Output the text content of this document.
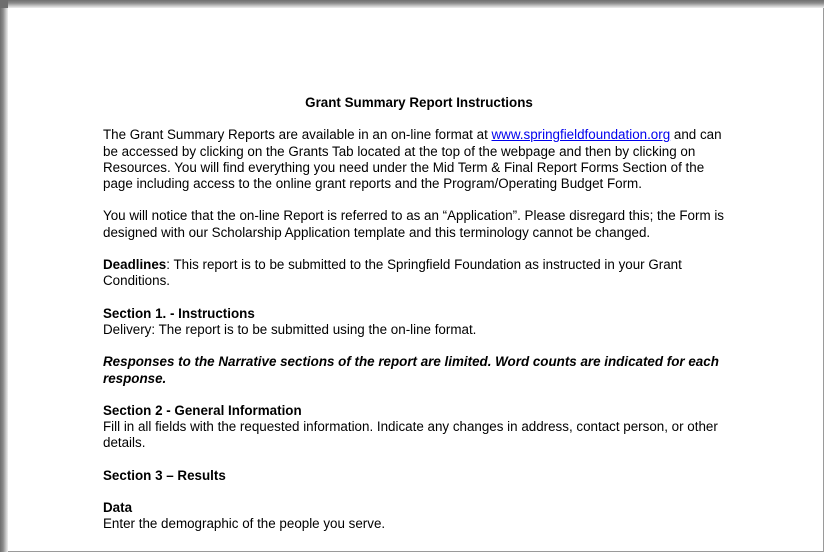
Grant Summary Report Instructions

The Grant Summary Reports are available in an on-line format at www.springfieldfoundation.org and can be accessed by clicking on the Grants Tab located at the top of the webpage and then by clicking on Resources. You will find everything you need under the Mid Term & Final Report Forms Section of the page including access to the online grant reports and the Program/Operating Budget Form.

You will notice that the on-line Report is referred to as an “Application”. Please disregard this; the Form is designed with our Scholarship Application template and this terminology cannot be changed.

Deadlines: This report is to be submitted to the Springfield Foundation as instructed in your Grant Conditions.

Section 1. - Instructions

Delivery: The report is to be submitted using the on-line format.

Responses to the Narrative sections of the report are limited. Word counts are indicated for each response.

Section 2 - General Information

Fill in all fields with the requested information. Indicate any changes in address, contact person, or other details.

Section 3 – Results

Data

Enter the demographic of the people you serve.
